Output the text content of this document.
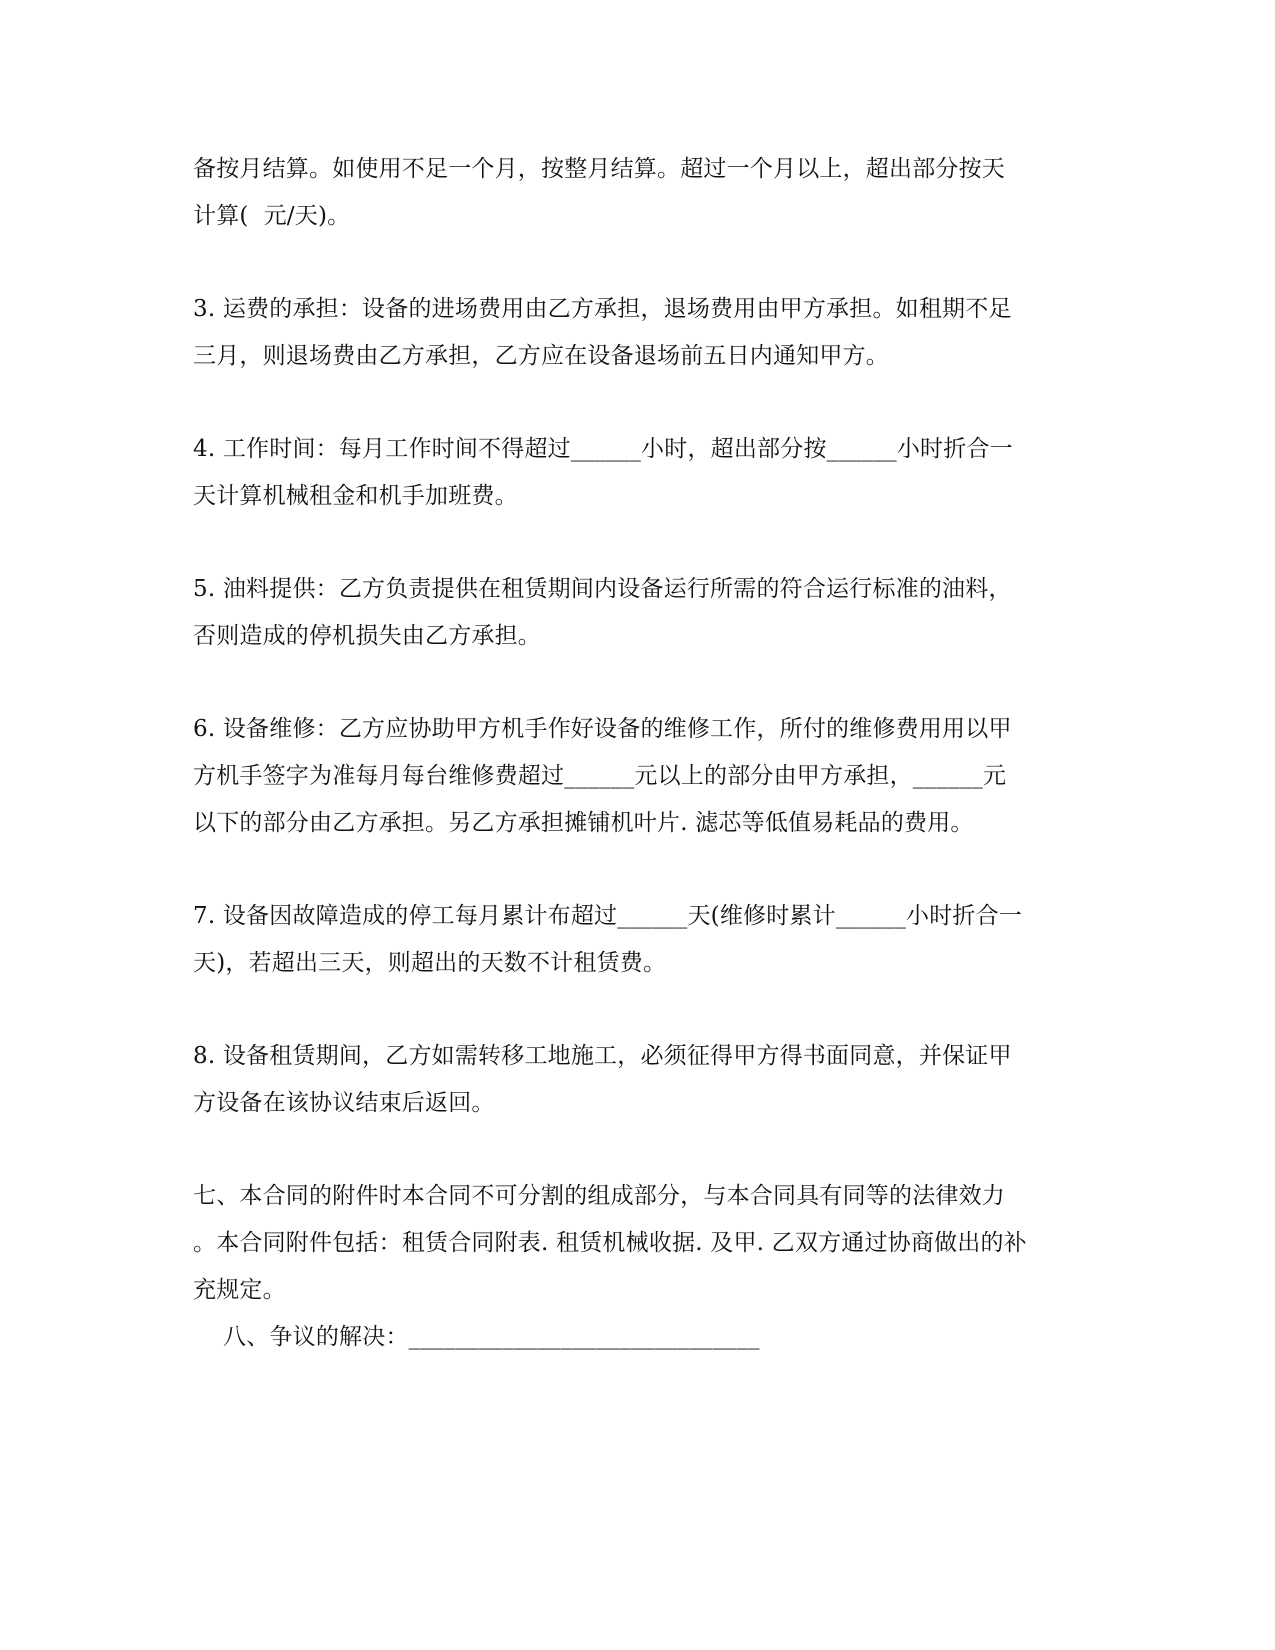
备按月结算。如使用不足一个月，按整月结算。超过一个月以上，超出部分按天
计算(  元/天)。
3. 运费的承担：设备的进场费用由乙方承担，退场费用由甲方承担。如租期不足
三月，则退场费由乙方承担，乙方应在设备退场前五日内通知甲方。
4. 工作时间：每月工作时间不得超过______小时，超出部分按______小时折合一
天计算机械租金和机手加班费。
5. 油料提供：乙方负责提供在租赁期间内设备运行所需的符合运行标准的油料，
否则造成的停机损失由乙方承担。
6. 设备维修：乙方应协助甲方机手作好设备的维修工作，所付的维修费用用以甲
方机手签字为准每月每台维修费超过______元以上的部分由甲方承担，______元
以下的部分由乙方承担。另乙方承担摊铺机叶片. 滤芯等低值易耗品的费用。
7. 设备因故障造成的停工每月累计布超过______天(维修时累计______小时折合一
天)，若超出三天，则超出的天数不计租赁费。
8. 设备租赁期间，乙方如需转移工地施工，必须征得甲方得书面同意，并保证甲
方设备在该协议结束后返回。
七、本合同的附件时本合同不可分割的组成部分，与本合同具有同等的法律效力
。本合同附件包括：租赁合同附表. 租赁机械收据. 及甲. 乙双方通过协商做出的补
充规定。
八、争议的解决：______________________________
